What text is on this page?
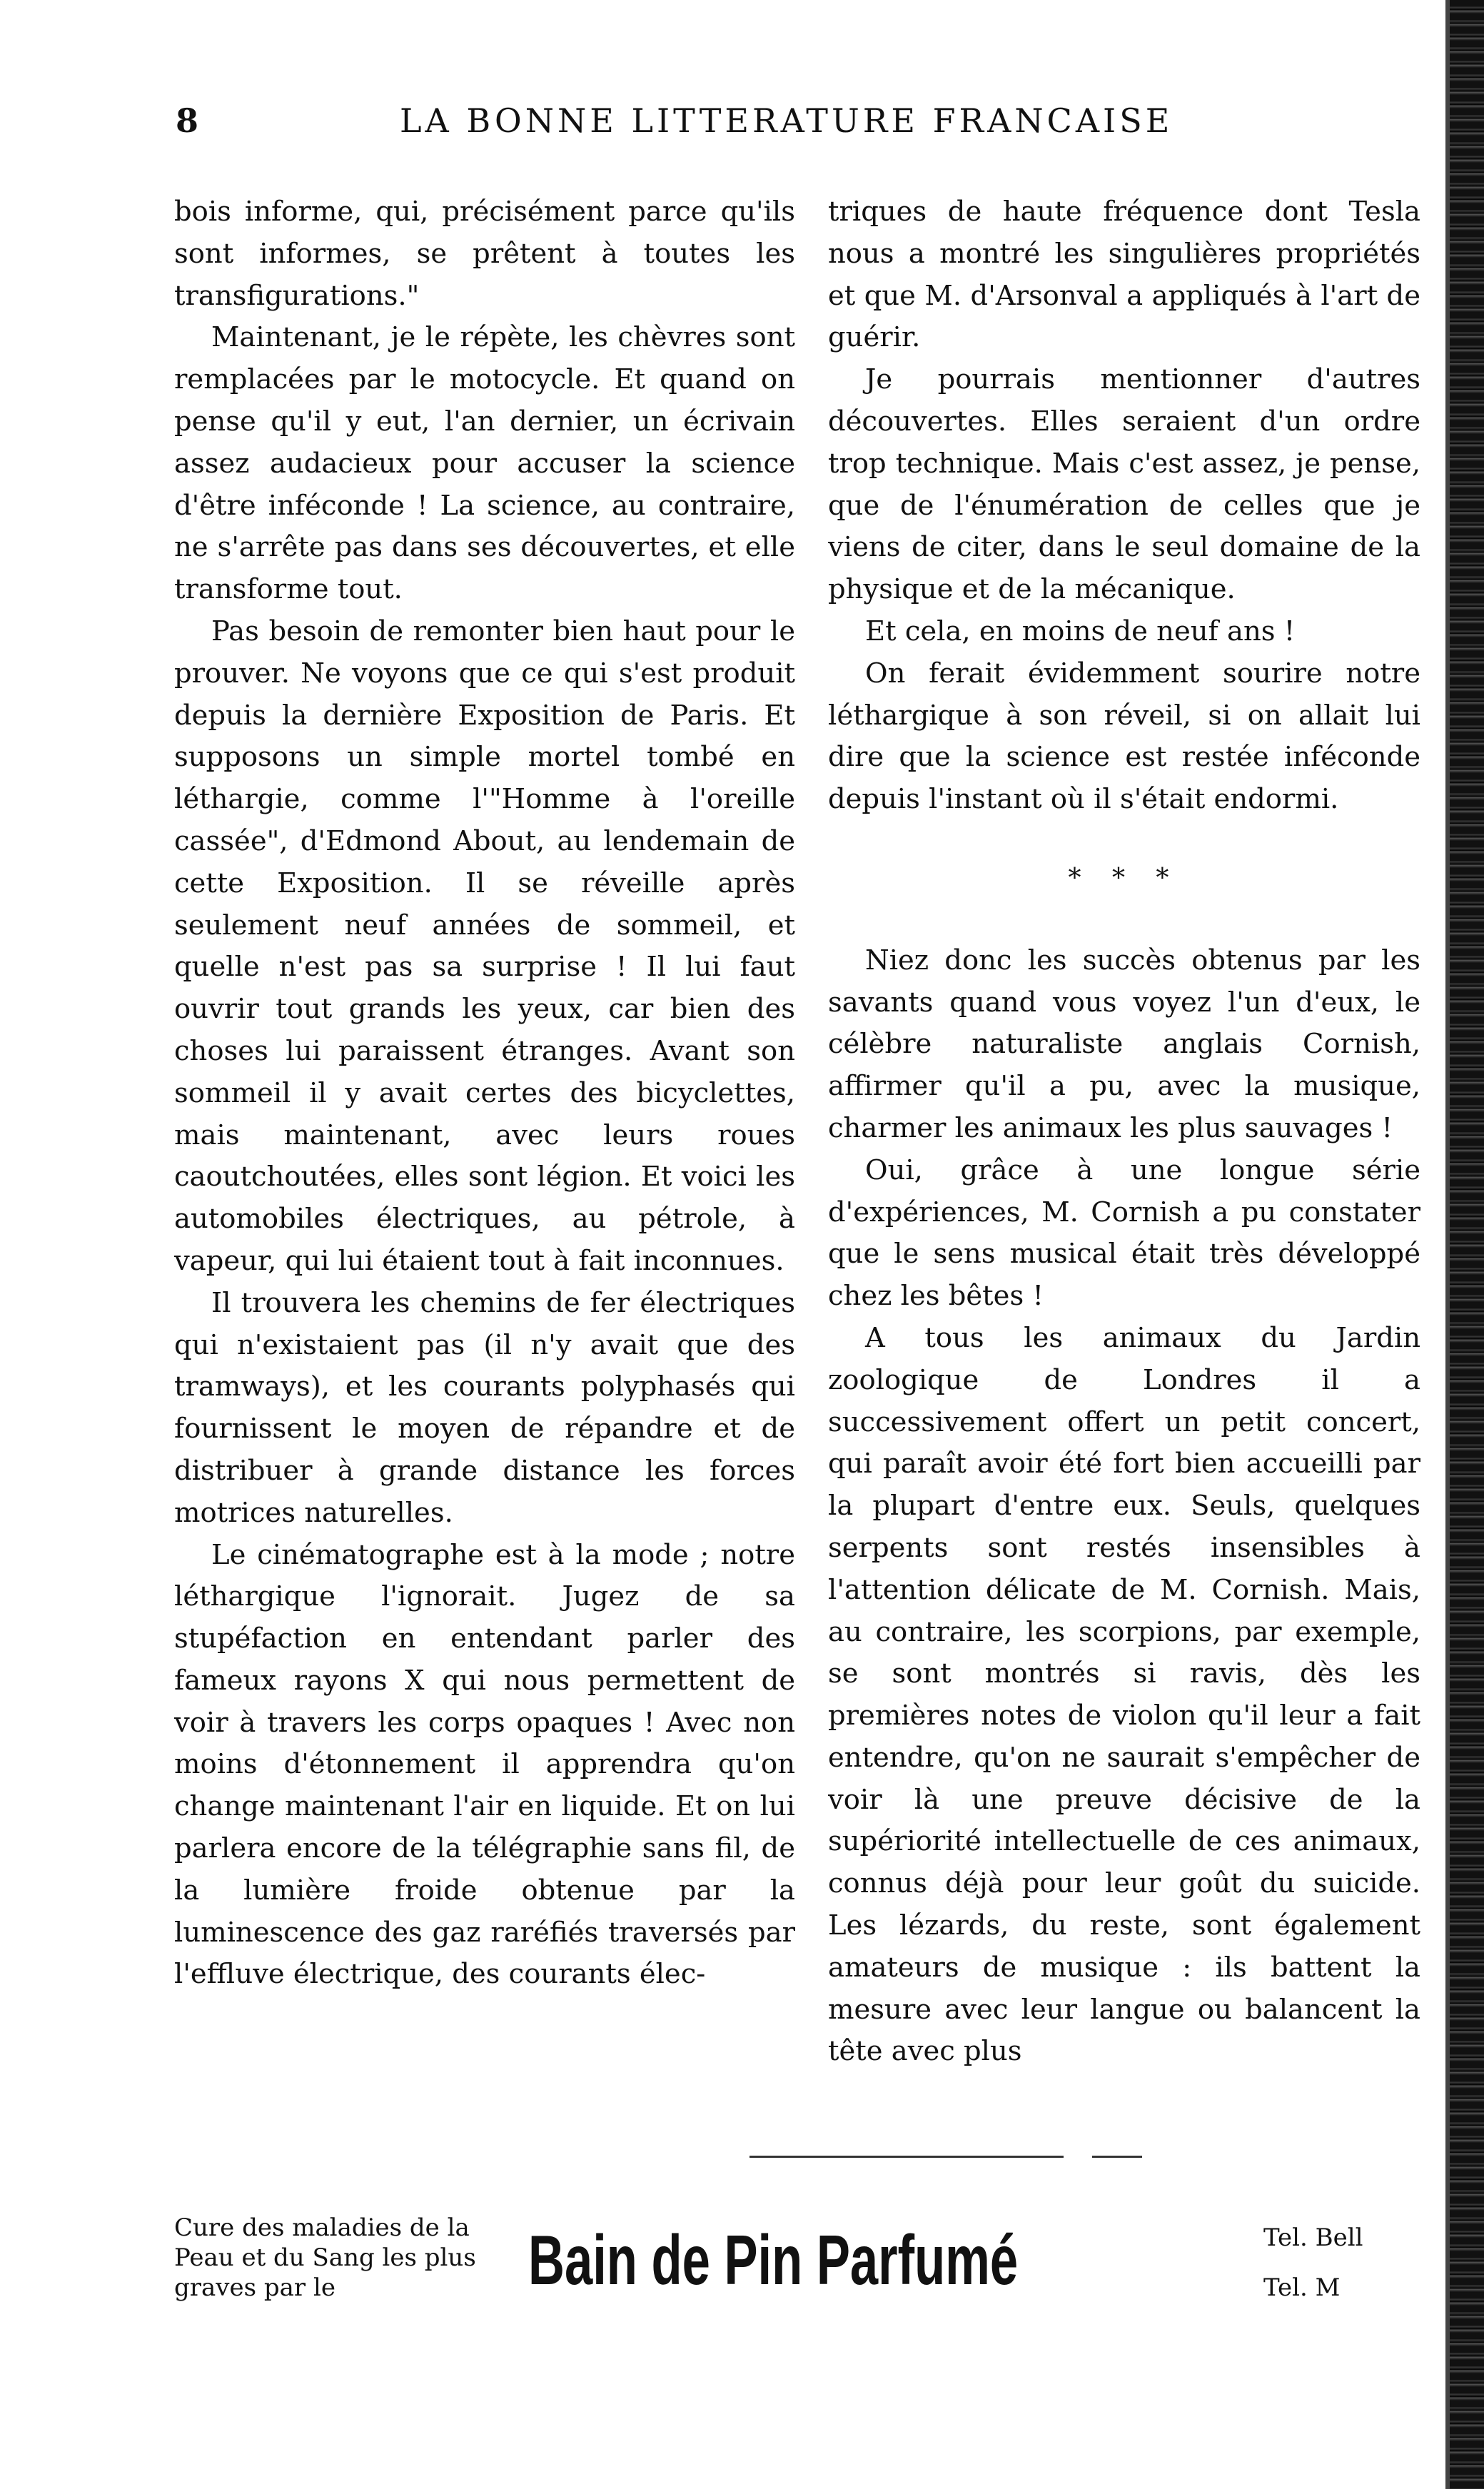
8	LA BONNE LITTERATURE FRANCAISE

bois informe, qui, précisément parce qu'ils sont informes, se prêtent à toutes les transfigurations."

Maintenant, je le répète, les chèvres sont remplacées par le motocycle. Et quand on pense qu'il y eut, l'an dernier, un écrivain assez audacieux pour accuser la science d'être inféconde ! La science, au contraire, ne s'arrête pas dans ses découvertes, et elle transforme tout.

Pas besoin de remonter bien haut pour le prouver. Ne voyons que ce qui s'est produit depuis la dernière Exposition de Paris. Et supposons un simple mortel tombé en léthargie, comme l'"Homme à l'oreille cassée", d'Edmond About, au lendemain de cette Exposition. Il se réveille après seulement neuf années de sommeil, et quelle n'est pas sa surprise ! Il lui faut ouvrir tout grands les yeux, car bien des choses lui paraissent étranges. Avant son sommeil il y avait certes des bicyclettes, mais maintenant, avec leurs roues caoutchoutées, elles sont légion. Et voici les automobiles électriques, au pétrole, à vapeur, qui lui étaient tout à fait inconnues.

Il trouvera les chemins de fer électriques qui n'existaient pas (il n'y avait que des tramways), et les courants polyphasés qui fournissent le moyen de répandre et de distribuer à grande distance les forces motrices naturelles.

Le cinématographe est à la mode ; notre léthargique l'ignorait. Jugez de sa stupéfaction en entendant parler des fameux rayons X qui nous permettent de voir à travers les corps opaques ! Avec non moins d'étonnement il apprendra qu'on change maintenant l'air en liquide. Et on lui parlera encore de la télégraphie sans fil, de la lumière froide obtenue par la luminescence des gaz raréfiés traversés par l'effluve électrique, des courants élec-

triques de haute fréquence dont Tesla nous a montré les singulières propriétés et que M. d'Arsonval a appliqués à l'art de guérir.

Je pourrais mentionner d'autres découvertes. Elles seraient d'un ordre trop technique. Mais c'est assez, je pense, que de l'énumération de celles que je viens de citer, dans le seul domaine de la physique et de la mécanique.

Et cela, en moins de neuf ans !

On ferait évidemment sourire notre léthargique à son réveil, si on allait lui dire que la science est restée inféconde depuis l'instant où il s'était endormi.

* * *

Niez donc les succès obtenus par les savants quand vous voyez l'un d'eux, le célèbre naturaliste anglais Cornish, affirmer qu'il a pu, avec la musique, charmer les animaux les plus sauvages !

Oui, grâce à une longue série d'expériences, M. Cornish a pu constater que le sens musical était très développé chez les bêtes !

A tous les animaux du Jardin zoologique de Londres il a successivement offert un petit concert, qui paraît avoir été fort bien accueilli par la plupart d'entre eux. Seuls, quelques serpents sont restés insensibles à l'attention délicate de M. Cornish. Mais, au contraire, les scorpions, par exemple, se sont montrés si ravis, dès les premières notes de violon qu'il leur a fait entendre, qu'on ne saurait s'empêcher de voir là une preuve décisive de la supériorité intellectuelle de ces animaux, connus déjà pour leur goût du suicide. Les lézards, du reste, sont également amateurs de musique : ils battent la mesure avec leur langue ou balancent la tête avec plus

Cure des maladies de la Peau et du Sang les plus graves par le	Bain de Pin Parfumé	Tel. Bell
Tel. M
